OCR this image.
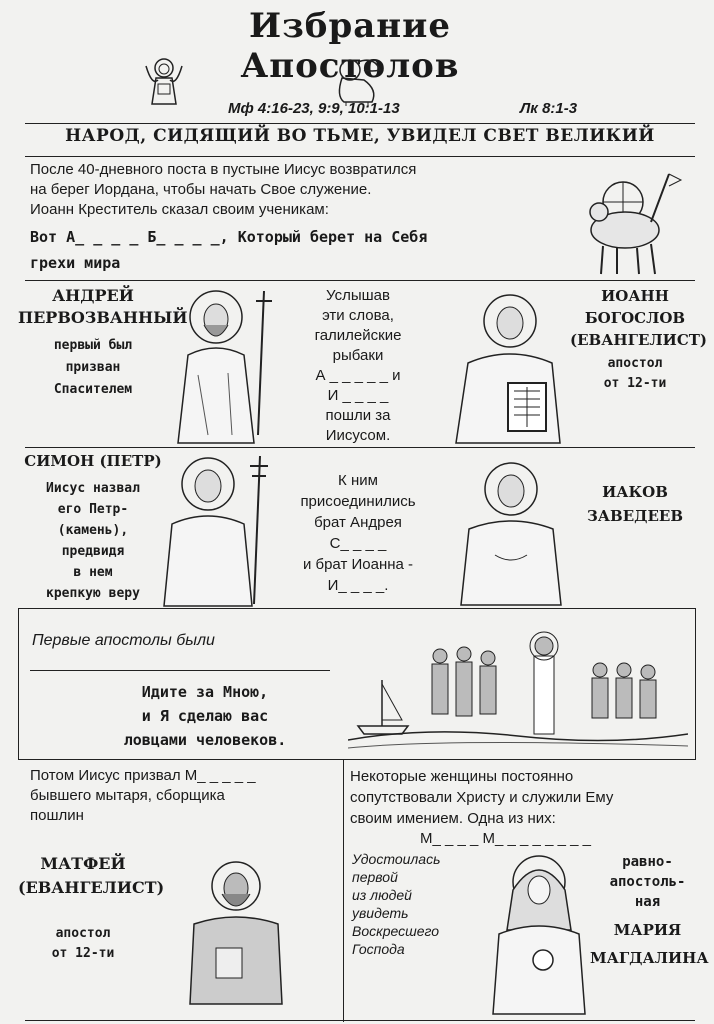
Избрание Апостолов
Мф 4:16-23, 9:9, 10:1-13	Лк 8:1-3
НАРОД, СИДЯЩИЙ ВО ТЬМЕ, УВИДЕЛ СВЕТ ВЕЛИКИЙ
После 40-дневного поста в пустыне Иисус возвратился
на берег Иордана, чтобы начать Свое служение.
Иоанн Креститель сказал своим ученикам:
Вот А_ _ _ _ Б_ _ _ _, Который берет на Себя
грехи мира
АНДРЕЙ
ПЕРВОЗВАННЫЙ
первый был
призван
Спасителем
Услышав
эти слова,
галилейские
рыбаки
А _ _ _ _ _ и
И _ _ _ _
пошли за
Иисусом.
ИОАНН
БОГОСЛОВ
(ЕВАНГЕЛИСТ)
апостол
от 12-ти
СИМОН (ПЕТР)
Иисус назвал
его Петр-
(камень),
предвидя
в нем
крепкую веру
К ним
присоединились
брат Андрея
С_ _ _ _
и брат Иоанна -
И_ _ _ _.
ИАКОВ
ЗАВЕДЕЕВ
Первые апостолы были
Идите за Мною,
и Я сделаю вас
ловцами человеков.
Потом Иисус призвал М_ _ _ _ _
бывшего мытаря, сборщика
пошлин
МАТФЕЙ
(ЕВАНГЕЛИСТ)
апостол
от 12-ти
Некоторые женщины постоянно
сопутствовали Христу и служили Ему
своим имением. Одна из них:
М_ _ _ _ М_ _ _ _ _ _ _ _
Удостоилась
первой
из людей
увидеть
Воскресшего
Господа
равно-
апостоль-
ная
МАРИЯ
МАГДАЛИНА
